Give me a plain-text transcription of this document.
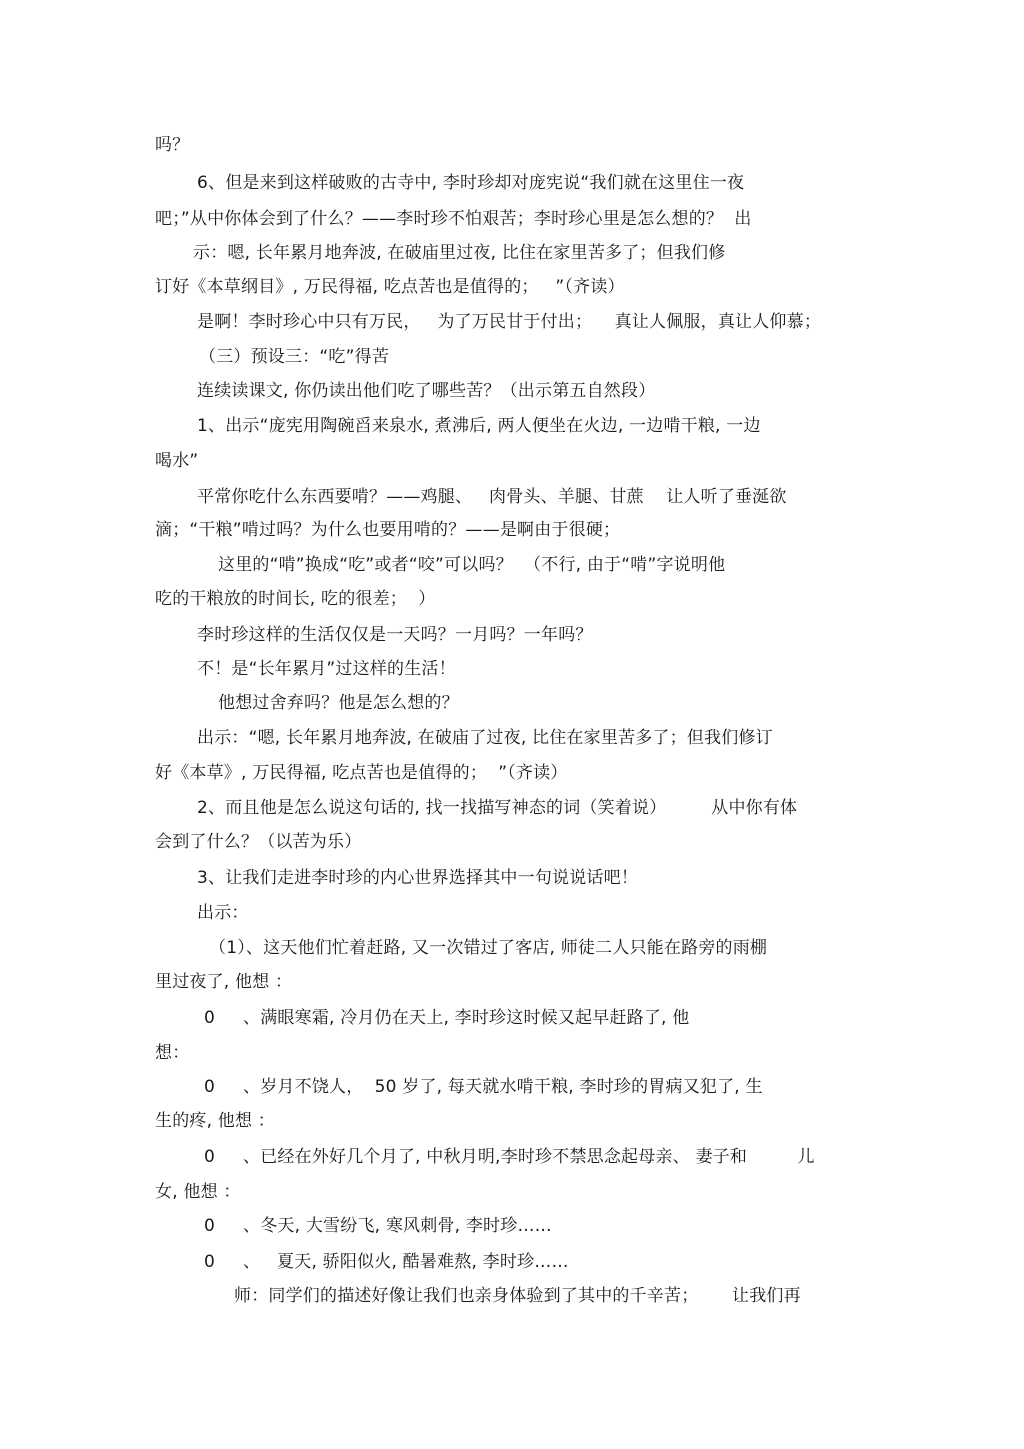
吗？
6、但是来到这样破败的古寺中, 李时珍却对庞宪说“我们就在这里住一夜
吧；”从中你体会到了什么？——李时珍不怕艰苦；李时珍心里是怎么想的？  出
示：嗯, 长年累月地奔波, 在破庙里过夜, 比住在家里苦多了；但我们修
订好《本草纲目》, 万民得福, 吃点苦也是值得的；   ”（齐读）
是啊！李时珍心中只有万民，   为了万民甘于付出；    真让人佩服，真让人仰慕；
（三）预设三：“吃”得苦
连续读课文, 你仍读出他们吃了哪些苦？（出示第五自然段）
1、出示“庞宪用陶碗舀来泉水, 煮沸后, 两人便坐在火边, 一边啃干粮, 一边
喝水”
平常你吃什么东西要啃？——鸡腿、   肉骨头、羊腿、甘蔗    让人听了垂涎欲
滴；“干粮”啃过吗？为什么也要用啃的？——是啊由于很硬；
这里的“啃”换成“吃”或者“咬”可以吗？  （不行, 由于“啃”字说明他
吃的干粮放的时间长, 吃的很差；  ）
李时珍这样的生活仅仅是一天吗？一月吗？一年吗？
不！是“长年累月”过这样的生活！
他想过舍弃吗？他是怎么想的？
出示：“嗯, 长年累月地奔波, 在破庙了过夜, 比住在家里苦多了；但我们修订
好《本草》, 万民得福, 吃点苦也是值得的；  ”（齐读）
2、而且他是怎么说这句话的, 找一找描写神态的词（笑着说）        从中你有体
会到了什么？（以苦为乐）
3、让我们走进李时珍的内心世界选择其中一句说说话吧！
出示：
（1）、这天他们忙着赶路, 又一次错过了客店, 师徒二人只能在路旁的雨棚
里过夜了, 他想 ：
0     、满眼寒霜, 冷月仍在天上, 李时珍这时候又起早赶路了, 他
想：
0     、岁月不饶人，  50 岁了, 每天就水啃干粮, 李时珍的胃病又犯了, 生
生的疼, 他想 ：
0     、已经在外好几个月了, 中秋月明,李时珍不禁思念起母亲、 妻子和         儿
女, 他想 ：
0     、冬天, 大雪纷飞, 寒风刺骨, 李时珍……
0     、   夏天, 骄阳似火, 酷暑难熬, 李时珍……
师：同学们的描述好像让我们也亲身体验到了其中的千辛苦；      让我们再
